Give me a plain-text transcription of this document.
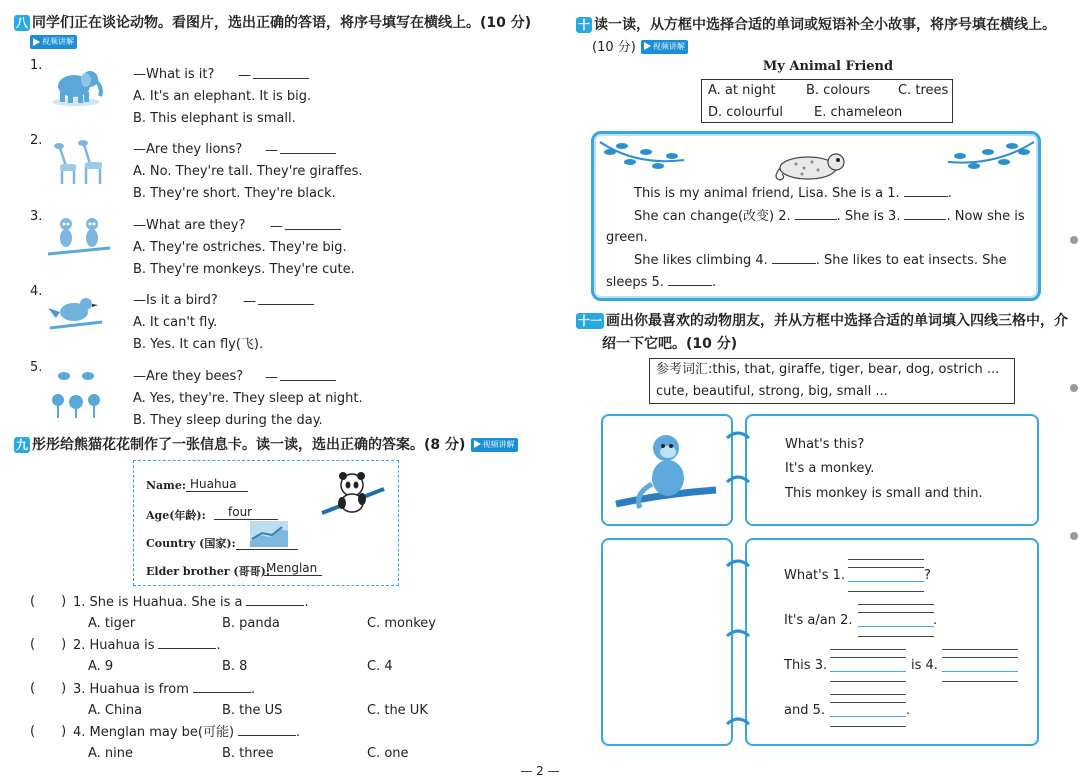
八 同学们正在谈论动物。看图片，选出正确的答语，将序号填写在横线上。(10 分)
视频讲解
1.
—What is it? —
A. It's an elephant. It is big.
B. This elephant is small.
2.
—Are they lions? —
A. No. They're tall. They're giraffes.
B. They're short. They're black.
3.
—What are they? —
A. They're ostriches. They're big.
B. They're monkeys. They're cute.
4.
—Is it a bird? —
A. It can't fly.
B. Yes. It can fly(飞).
5.
—Are they bees? —
A. Yes, they're. They sleep at night.
B. They sleep during the day.
九 彤彤给熊猫花花制作了一张信息卡。读一读，选出正确的答案。(8 分) 视频讲解
Name: Huahua
Age(年龄):	four
Country (国家):
Elder brother (哥哥):
Menglan
( ) 1. She is Huahua. She is a	.
A. tiger	B. panda	C. monkey
( ) 2. Huahua is	.
A. 9	B. 8	C. 4
( ) 3. Huahua is from	.
A. China	B. the US	C. the UK
( ) 4. Menglan may be(可能)	.
A. nine	B. three	C. one
十 读一读，从方框中选择合适的单词或短语补全小故事，将序号填在横线上。
(10 分) 视频讲解
My Animal Friend
A. at night B. colours C. trees
D. colourful E. chameleon
This is my animal friend, Lisa. She is a 1.	.
She can change(改变) 2.	. She is 3.	. Now she is
green.
She likes climbing 4.	. She likes to eat insects. She
sleeps 5.	.
十一 画出你最喜欢的动物朋友，并从方框中选择合适的单词填入四线三格中，介
绍一下它吧。(10 分)
参考词汇:this, that, giraffe, tiger, bear, dog, ostrich ...
cute, beautiful, strong, big, small ...
What's this?
It's a monkey.
This monkey is small and thin.
What's 1.	?
It's a/an 2.	.
This 3.	is 4.
and 5.	.
— 2 —
